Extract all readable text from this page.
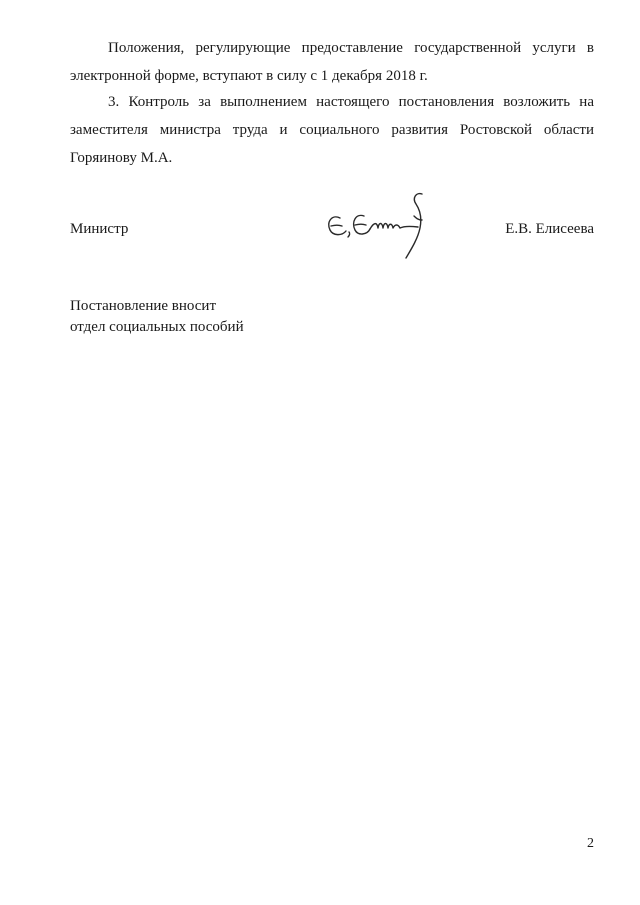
Положения, регулирующие предоставление государственной услуги в
электронной форме, вступают в силу с 1 декабря 2018 г.

3. Контроль за выполнением настоящего постановления возложить на
заместителя министра труда и социального развития Ростовской области
Горяинову М.А.

Министр	Е.В. Елисеева
Постановление вносит
отдел социальных пособий
2
